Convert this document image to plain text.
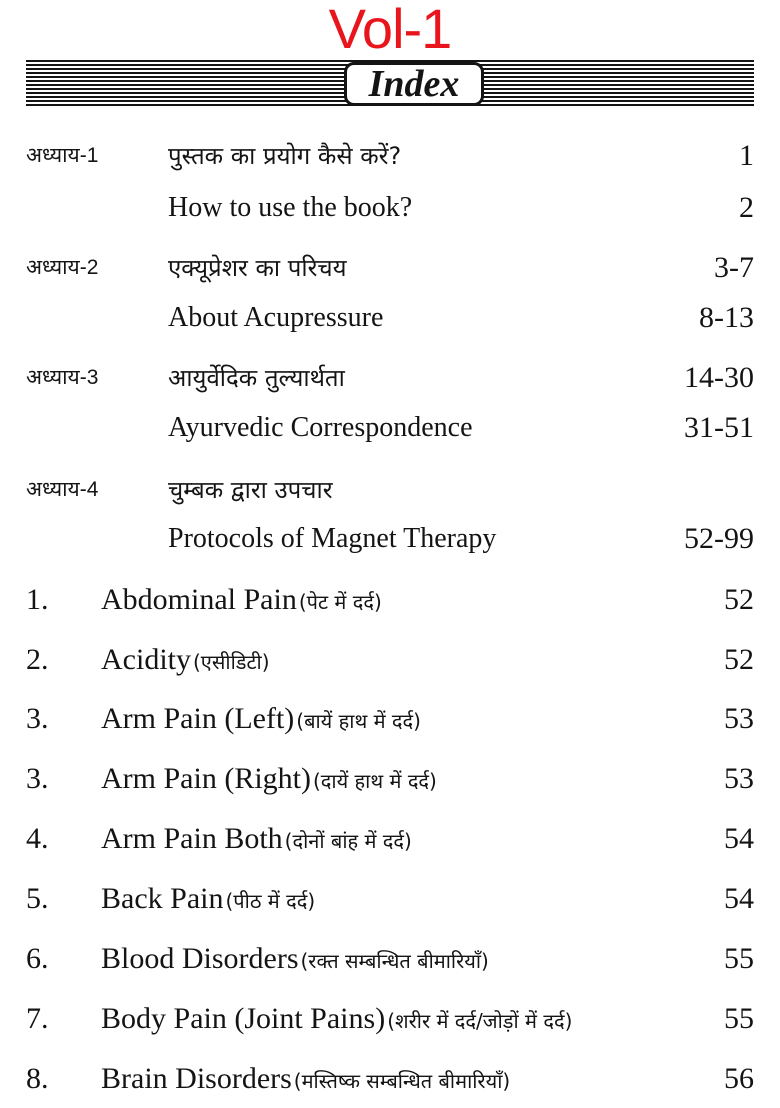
Vol-1
Index
अध्याय-1	पुस्तक का प्रयोग कैसे करें?	1
How to use the book?	2
अध्याय-2	एक्यूप्रेशर का परिचय	3-7
About Acupressure	8-13
अध्याय-3	आयुर्वेदिक तुल्यार्थता	14-30
Ayurvedic Correspondence	31-51
अध्याय-4	चुम्बक द्वारा उपचार
Protocols of Magnet Therapy	52-99
1.	Abdominal Pain (पेट में दर्द)	52
2.	Acidity (एसीडिटी)	52
3.	Arm Pain (Left) (बायें हाथ में दर्द)	53
3.	Arm Pain (Right) (दायें हाथ में दर्द)	53
4.	Arm Pain Both (दोनों बांह में दर्द)	54
5.	Back Pain (पीठ में दर्द)	54
6.	Blood Disorders (रक्त सम्बन्धित बीमारियाँ)	55
7.	Body Pain (Joint Pains) (शरीर में दर्द/जोड़ों में दर्द)	55
8.	Brain Disorders (मस्तिष्क सम्बन्धित बीमारियाँ)	56
